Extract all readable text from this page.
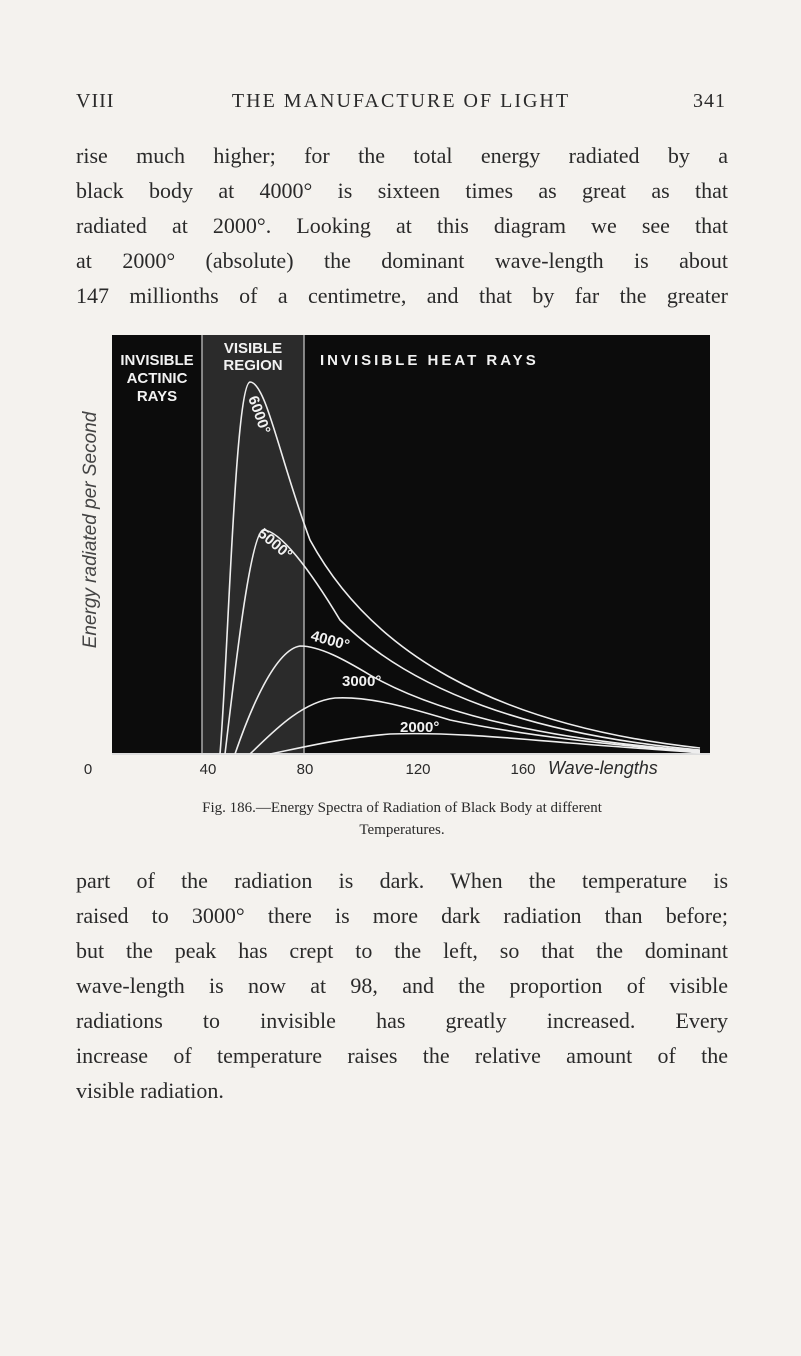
VIII	THE MANUFACTURE OF LIGHT	341

rise much higher; for the total energy radiated by a
black body at 4000° is sixteen times as great as that
radiated at 2000°. Looking at this diagram we see that
at 2000° (absolute) the dominant wave-length is about
147 millionths of a centimetre, and that by far the greater

Energy radiated per Second
INVISIBLE
ACTINIC
RAYS
VISIBLE
REGION INVISIBLE HEAT RAYS
6000°
5000°
4000°
3000°
2000°
0	40	80	120	160 Wave-lengths

Fig. 186.—Energy Spectra of Radiation of Black Body at different
Temperatures.

part of the radiation is dark. When the temperature is
raised to 3000° there is more dark radiation than before;
but the peak has crept to the left, so that the dominant
wave-length is now at 98, and the proportion of visible
radiations to invisible has greatly increased. Every
increase of temperature raises the relative amount of the

visible radiation.
